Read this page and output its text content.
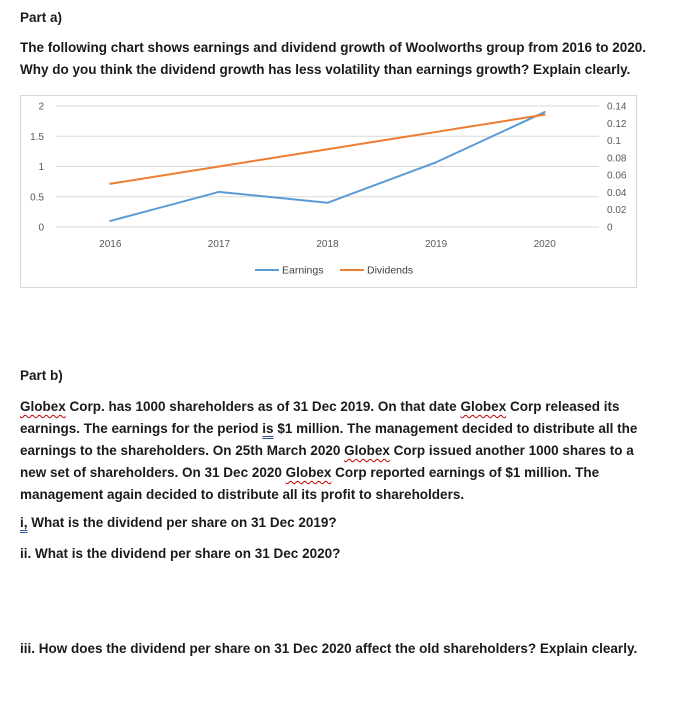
Part a)
The following chart shows earnings and dividend growth of Woolworths group from 2016 to 2020.
Why do you think the dividend growth has less volatility than earnings growth? Explain clearly.
0
0.5
1
1.5
2
0
0.02
0.04
0.06
0.08
0.1
0.12
0.14
2016	2017	2018	2019	2020
Earnings	Dividends
Part b)
Globex Corp. has 1000 shareholders as of 31 Dec 2019. On that date Globex Corp released its
earnings. The earnings for the period is $1 million. The management decided to distribute all the
earnings to the shareholders. On 25th March 2020 Globex Corp issued another 1000 shares to a
new set of shareholders. On 31 Dec 2020 Globex Corp reported earnings of $1 million. The
management again decided to distribute all its profit to shareholders.
i, What is the dividend per share on 31 Dec 2019?
ii. What is the dividend per share on 31 Dec 2020?
iii. How does the dividend per share on 31 Dec 2020 affect the old shareholders? Explain clearly.
